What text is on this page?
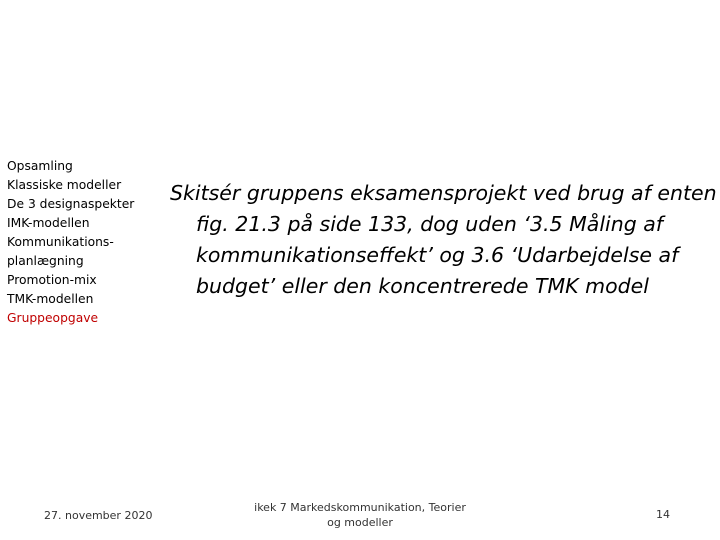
Opsamling
Klassiske modeller
De 3 designaspekter
IMK-modellen
Kommunikations-
planlægning
Promotion-mix
TMK-modellen
Gruppeopgave
Skitsér gruppens eksamensprojekt ved brug af enten fig. 21.3 på side 133, dog uden ‘3.5 Måling af kommunikationseffekt’ og 3.6 ‘Udarbejdelse af budget’ eller den koncentrerede TMK model
27. november 2020
ikek 7 Markedskommunikation, Teorier og modeller
14
